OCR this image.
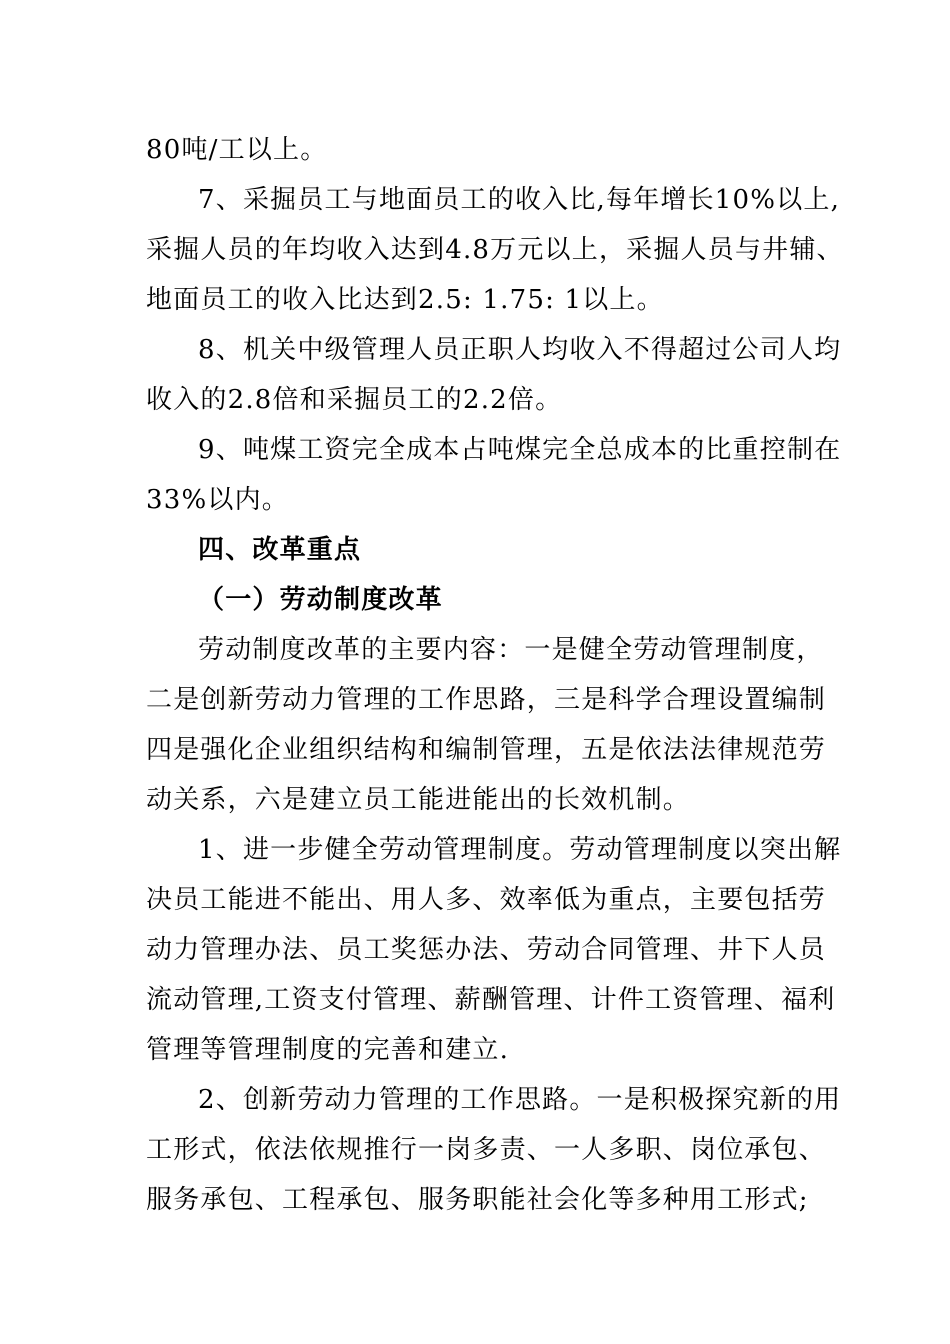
80吨/工以上。
7、采掘员工与地面员工的收入比,每年增长10%以上,
采掘人员的年均收入达到4.8万元以上，采掘人员与井辅、
地面员工的收入比达到2.5: 1.75: 1以上。
8、机关中级管理人员正职人均收入不得超过公司人均
收入的2.8倍和采掘员工的2.2倍。
9、吨煤工资完全成本占吨煤完全总成本的比重控制在
33%以内。
四、改革重点
（一）劳动制度改革
劳动制度改革的主要内容：一是健全劳动管理制度，
二是创新劳动力管理的工作思路，三是科学合理设置编制
四是强化企业组织结构和编制管理，五是依法法律规范劳
动关系，六是建立员工能进能出的长效机制。
1、进一步健全劳动管理制度。劳动管理制度以突出解
决员工能进不能出、用人多、效率低为重点，主要包括劳
动力管理办法、员工奖惩办法、劳动合同管理、井下人员
流动管理,工资支付管理、薪酬管理、计件工资管理、福利
管理等管理制度的完善和建立.
2、创新劳动力管理的工作思路。一是积极探究新的用
工形式，依法依规推行一岗多责、一人多职、岗位承包、
服务承包、工程承包、服务职能社会化等多种用工形式;
